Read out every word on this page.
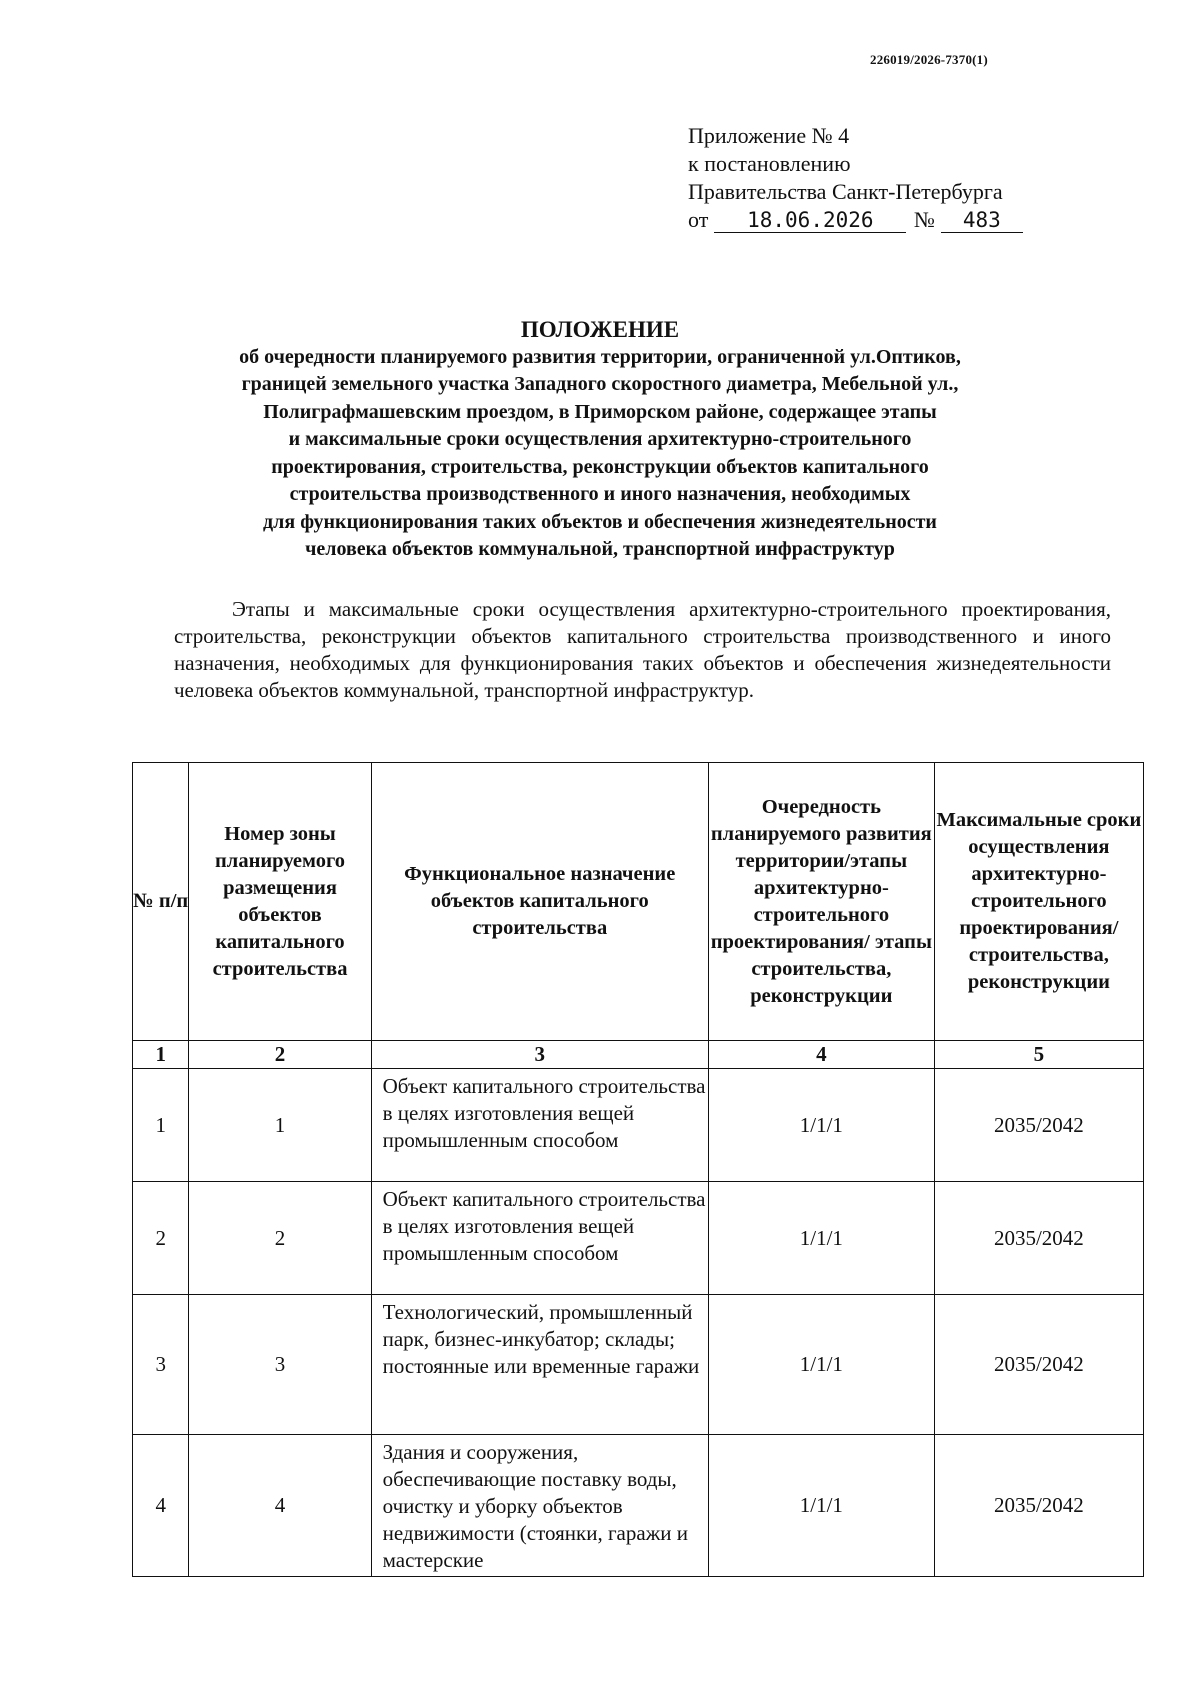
226019/2026-7370(1)
Приложение № 4
к постановлению
Правительства Санкт-Петербурга
от 18.06.2026 № 483
ПОЛОЖЕНИЕ
об очередности планируемого развития территории, ограниченной ул.Оптиков,
границей земельного участка Западного скоростного диаметра, Мебельной ул.,
Полиграфмашевским проездом, в Приморском районе, содержащее этапы
и максимальные сроки осуществления архитектурно-строительного
проектирования, строительства, реконструкции объектов капитального
строительства производственного и иного назначения, необходимых
для функционирования таких объектов и обеспечения жизнедеятельности
человека объектов коммунальной, транспортной инфраструктур
Этапы и максимальные сроки осуществления архитектурно-строительного проектирования, строительства, реконструкции объектов капитального строительства производственного и иного назначения, необходимых для функционирования таких объектов и обеспечения жизнедеятельности человека объектов коммунальной, транспортной инфраструктур.
№ п/п	Номер зоны планируемого размещения объектов капитального строительства	Функциональное назначение объектов капитального строительства	Очередность планируемого развития территории/этапы архитектурно-строительного проектирования/ этапы строительства, реконструкции	Максимальные сроки осуществления архитектурно-строительного проектирования/ строительства, реконструкции
1	2	3	4	5
1	1	Объект капитального строительства в целях изготовления вещей промышленным способом	1/1/1	2035/2042
2	2	Объект капитального строительства в целях изготовления вещей промышленным способом	1/1/1	2035/2042
3	3	Технологический, промышленный парк, бизнес-инкубатор; склады; постоянные или временные гаражи	1/1/1	2035/2042
4	4	Здания и сооружения, обеспечивающие поставку воды, очистку и уборку объектов недвижимости (стоянки, гаражи и мастерские	1/1/1	2035/2042
